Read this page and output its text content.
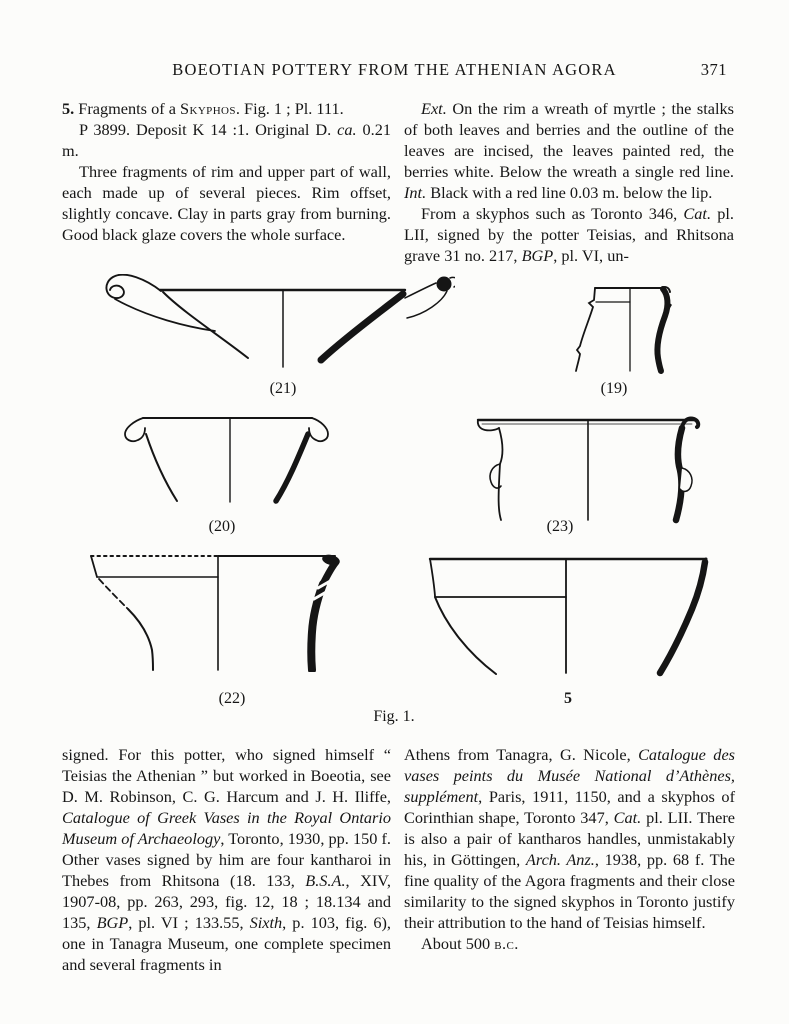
BOEOTIAN POTTERY FROM THE ATHENIAN AGORA	371

5. Fragments of a Skyphos. Fig. 1 ; Pl. 111.

P 3899. Deposit K 14 :1. Original D. ca. 0.21 m.

Three fragments of rim and upper part of wall, each made up of several pieces. Rim offset, slightly concave. Clay in parts gray from burning. Good black glaze covers the whole surface.

Ext. On the rim a wreath of myrtle ; the stalks of both leaves and berries and the outline of the leaves are incised, the leaves painted red, the berries white. Below the wreath a single red line. Int. Black with a red line 0.03 m. below the lip.

From a skyphos such as Toronto 346, Cat. pl. LII, signed by the potter Teisias, and Rhitsona grave 31 no. 217, BGP, pl. VI, un-

(21)	(19)
(20)	(23)
(22)	5
Fig. 1.

signed. For this potter, who signed himself “ Teisias the Athenian ” but worked in Boeotia, see D. M. Robinson, C. G. Harcum and J. H. Iliffe, Catalogue of Greek Vases in the Royal Ontario Museum of Archaeology, Toronto, 1930, pp. 150 f. Other vases signed by him are four kantharoi in Thebes from Rhitsona (18. 133, B.S.A., XIV, 1907-08, pp. 263, 293, fig. 12, 18 ; 18.134 and 135, BGP, pl. VI ; 133.55, Sixth, p. 103, fig. 6), one in Tanagra Museum, one complete specimen and several fragments in

Athens from Tanagra, G. Nicole, Catalogue des vases peints du Musée National d’Athènes, supplément, Paris, 1911, 1150, and a skyphos of Corinthian shape, Toronto 347, Cat. pl. LII. There is also a pair of kantharos handles, unmistakably his, in Göttingen, Arch. Anz., 1938, pp. 68 f. The fine quality of the Agora fragments and their close similarity to the signed skyphos in Toronto justify their attribution to the hand of Teisias himself.

About 500 b.c.
